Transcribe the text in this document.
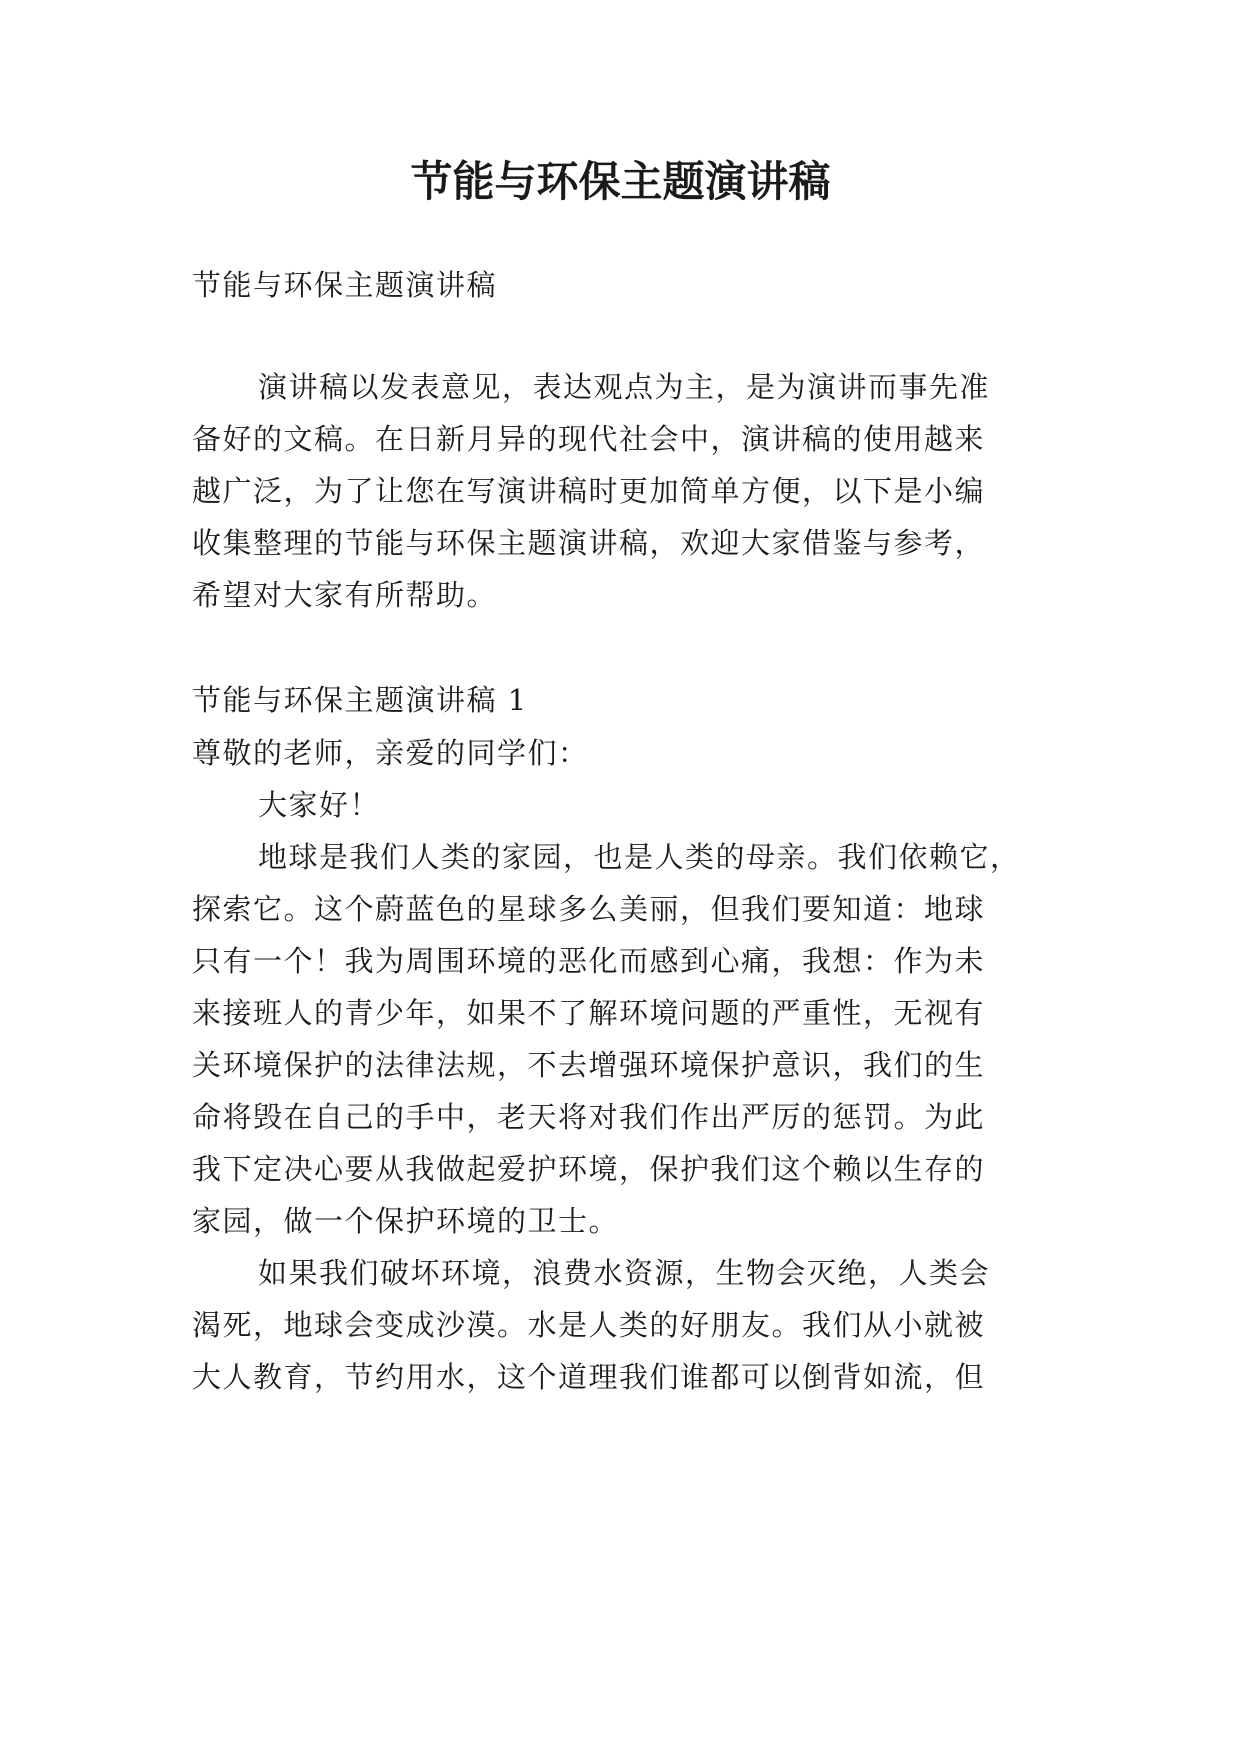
节能与环保主题演讲稿
节能与环保主题演讲稿
演讲稿以发表意见，表达观点为主，是为演讲而事先准
备好的文稿。在日新月异的现代社会中，演讲稿的使用越来
越广泛，为了让您在写演讲稿时更加简单方便，以下是小编
收集整理的节能与环保主题演讲稿，欢迎大家借鉴与参考，
希望对大家有所帮助。
节能与环保主题演讲稿 1
尊敬的老师，亲爱的同学们：
大家好！
地球是我们人类的家园，也是人类的母亲。我们依赖它，
探索它。这个蔚蓝色的星球多么美丽，但我们要知道：地球
只有一个！我为周围环境的恶化而感到心痛，我想：作为未
来接班人的青少年，如果不了解环境问题的严重性，无视有
关环境保护的法律法规，不去增强环境保护意识，我们的生
命将毁在自己的手中，老天将对我们作出严厉的惩罚。为此
我下定决心要从我做起爱护环境，保护我们这个赖以生存的
家园，做一个保护环境的卫士。
如果我们破坏环境，浪费水资源，生物会灭绝，人类会
渴死，地球会变成沙漠。水是人类的好朋友。我们从小就被
大人教育，节约用水，这个道理我们谁都可以倒背如流，但
